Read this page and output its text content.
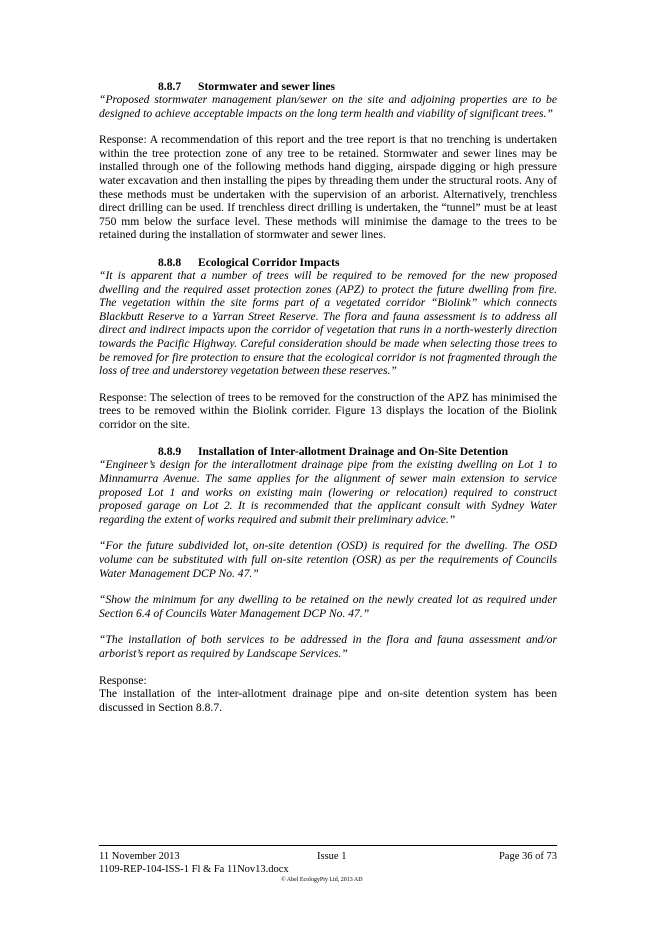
8.8.7 Stormwater and sewer lines

“Proposed stormwater management plan/sewer on the site and adjoining properties are to be designed to achieve acceptable impacts on the long term health and viability of significant trees.”

Response: A recommendation of this report and the tree report is that no trenching is undertaken within the tree protection zone of any tree to be retained. Stormwater and sewer lines may be installed through one of the following methods hand digging, airspade digging or high pressure water excavation and then installing the pipes by threading them under the structural roots. Any of these methods must be undertaken with the supervision of an arborist. Alternatively, trenchless direct drilling can be used. If trenchless direct drilling is undertaken, the “tunnel” must be at least 750 mm below the surface level. These methods will minimise the damage to the trees to be retained during the installation of stormwater and sewer lines.

8.8.8 Ecological Corridor Impacts

“It is apparent that a number of trees will be required to be removed for the new proposed dwelling and the required asset protection zones (APZ) to protect the future dwelling from fire. The vegetation within the site forms part of a vegetated corridor “Biolink” which connects Blackbutt Reserve to a Yarran Street Reserve. The flora and fauna assessment is to address all direct and indirect impacts upon the corridor of vegetation that runs in a north-westerly direction towards the Pacific Highway. Careful consideration should be made when selecting those trees to be removed for fire protection to ensure that the ecological corridor is not fragmented through the loss of tree and understorey vegetation between these reserves.”

Response: The selection of trees to be removed for the construction of the APZ has minimised the trees to be removed within the Biolink corrider. Figure 13 displays the location of the Biolink corridor on the site.

8.8.9 Installation of Inter-allotment Drainage and On-Site Detention

“Engineer’s design for the interallotment drainage pipe from the existing dwelling on Lot 1 to Minnamurra Avenue. The same applies for the alignment of sewer main extension to service proposed Lot 1 and works on existing main (lowering or relocation) required to construct proposed garage on Lot 2. It is recommended that the applicant consult with Sydney Water regarding the extent of works required and submit their preliminary advice.”

“For the future subdivided lot, on-site detention (OSD) is required for the dwelling. The OSD volume can be substituted with full on-site retention (OSR) as per the requirements of Councils Water Management DCP No. 47.”

“Show the minimum for any dwelling to be retained on the newly created lot as required under Section 6.4 of Councils Water Management DCP No. 47.”

“The installation of both services to be addressed in the flora and fauna assessment and/or arborist’s report as required by Landscape Services.”

Response:

The installation of the inter-allotment drainage pipe and on-site detention system has been discussed in Section 8.8.7.

11 November 2013	Issue 1	Page 36 of 73
1109-REP-104-ISS-1 Fl & Fa 11Nov13.docx
© Abel EcologyPty Ltd, 2013 AD
